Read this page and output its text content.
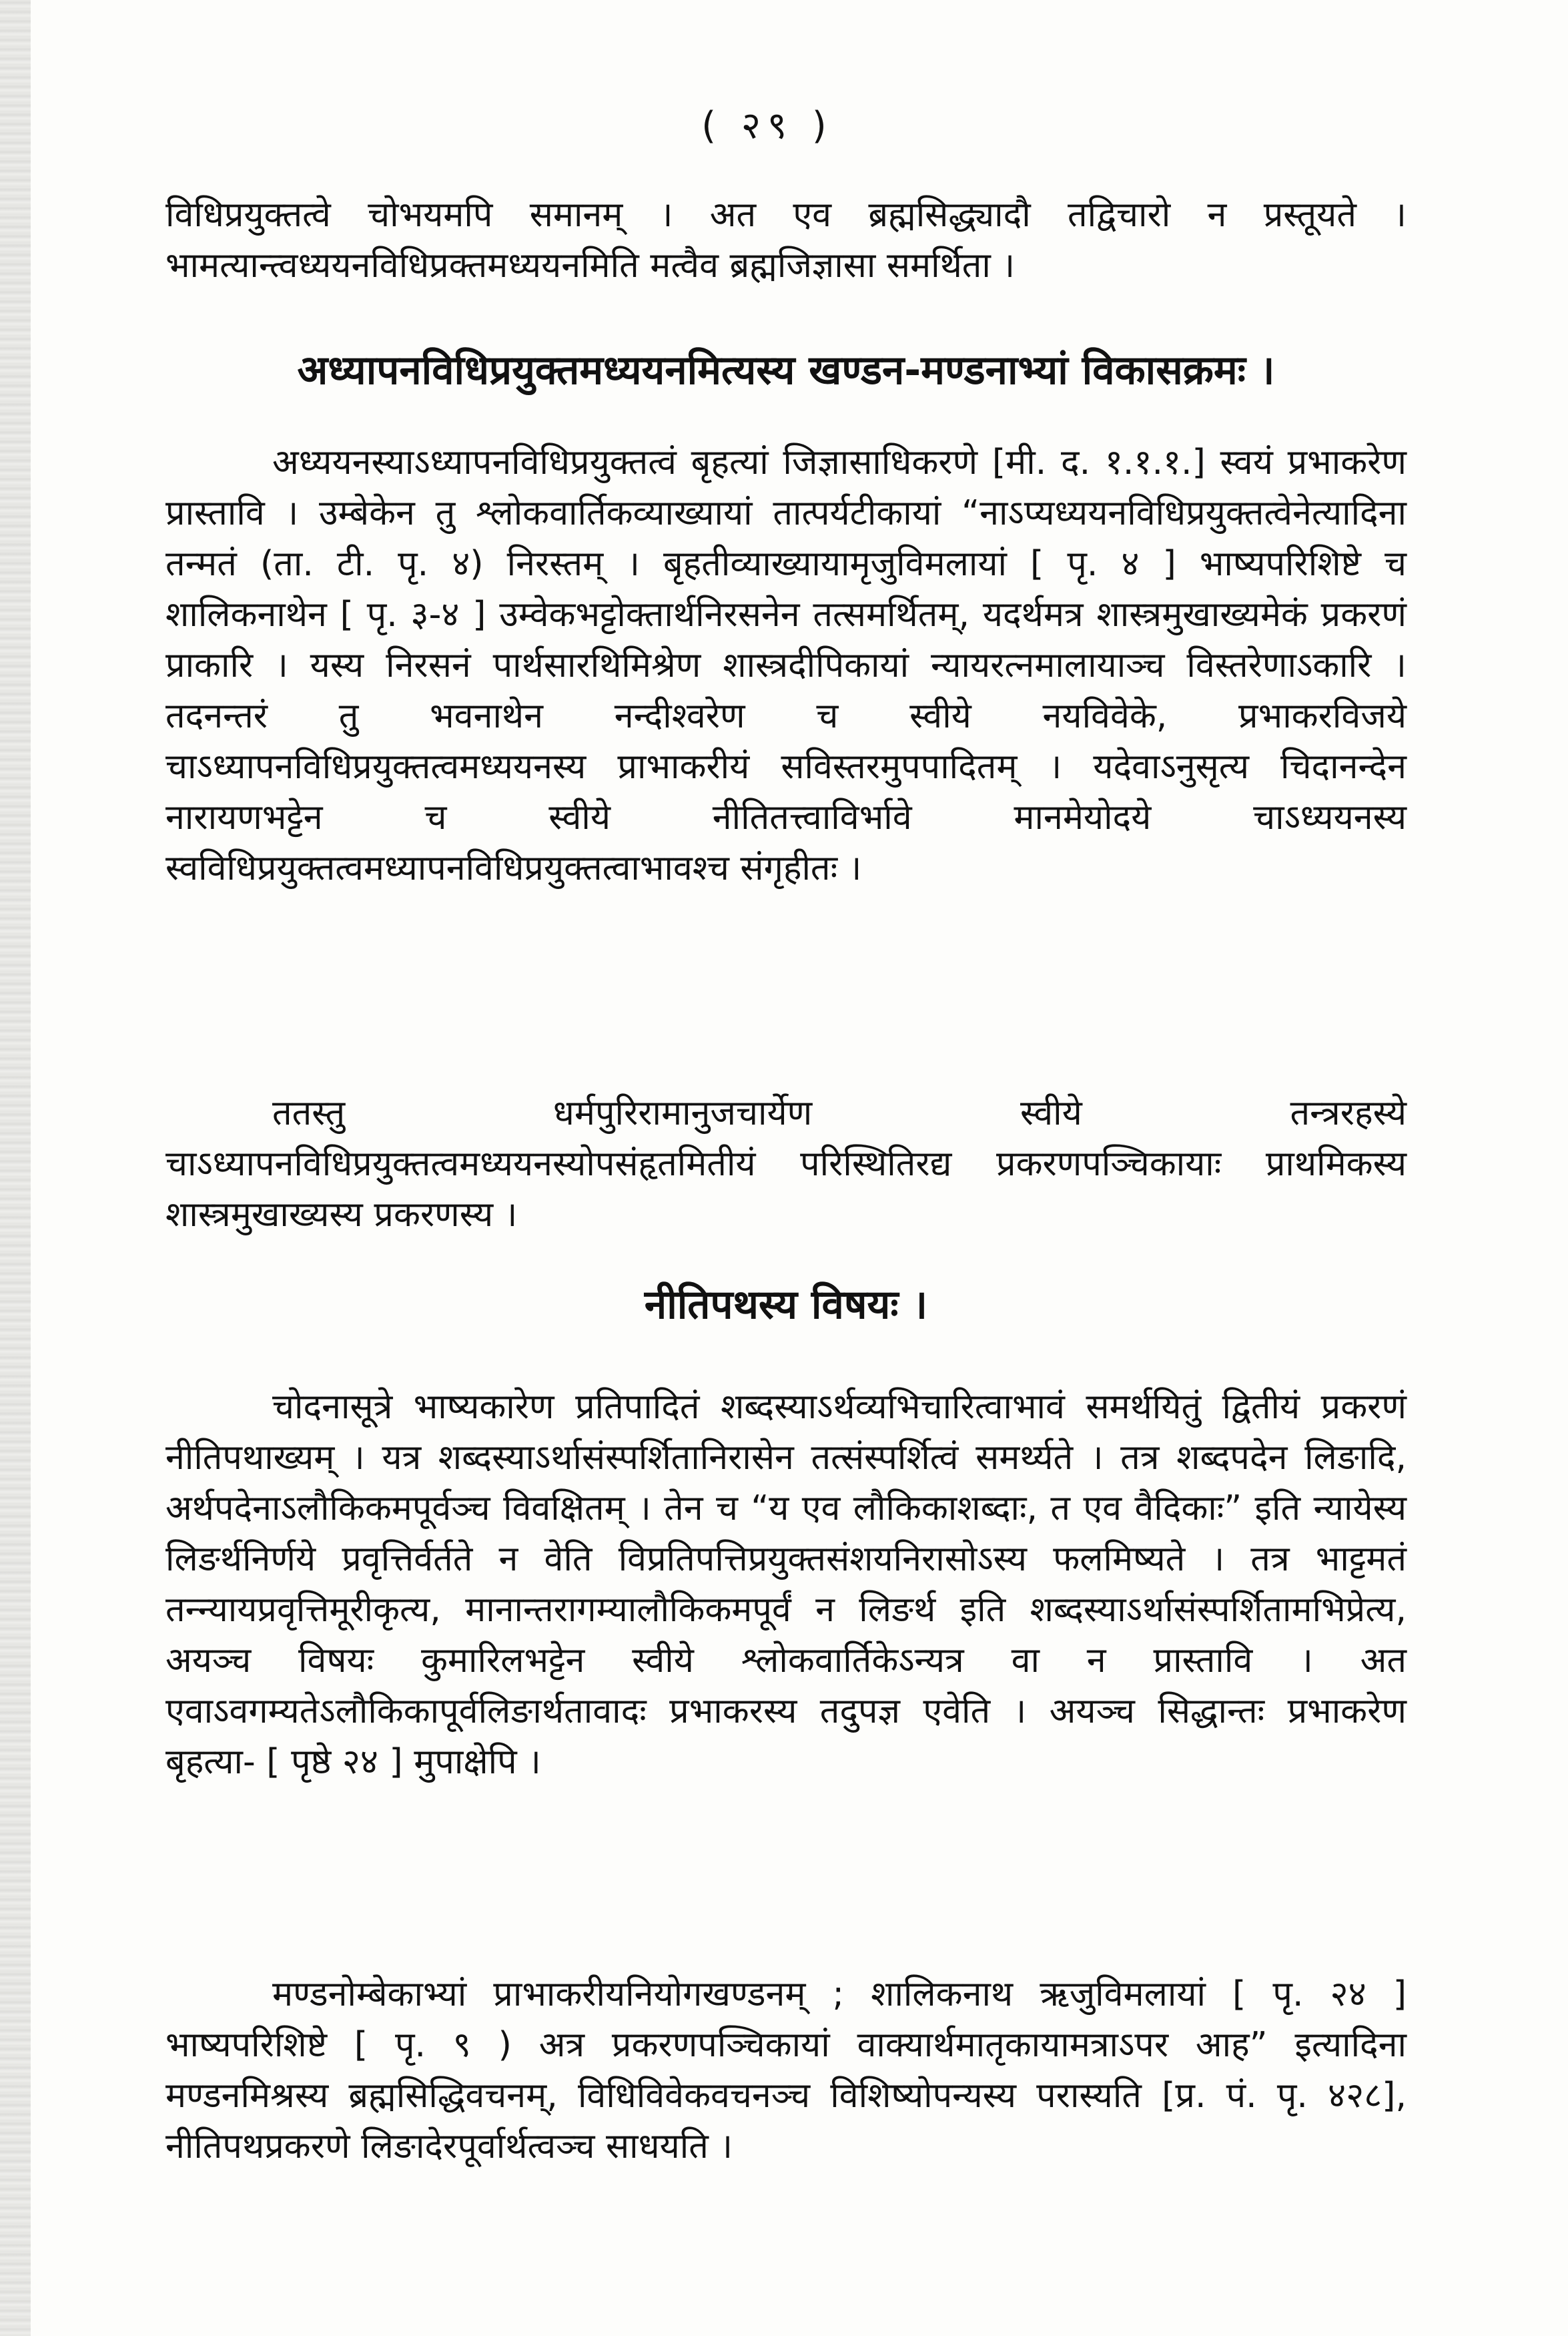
( २९ )

विधिप्रयुक्तत्वे चोभयमपि समानम् । अत एव ब्रह्मसिद्ध्यादौ तद्विचारो न प्रस्तूयते । भामत्यान्त्वध्ययनविधिप्रक्तमध्ययनमिति मत्वैव ब्रह्मजिज्ञासा समर्थिता ।

अध्यापनविधिप्रयुक्तमध्ययनमित्यस्य खण्डन-मण्डनाभ्यां विकासक्रमः ।

अध्ययनस्याऽध्यापनविधिप्रयुक्तत्वं बृहत्यां जिज्ञासाधिकरणे [मी. द. १.१.१.] स्वयं प्रभाकरेण प्रास्तावि । उम्बेकेन तु श्लोकवार्तिकव्याख्यायां तात्पर्यटीकायां “नाऽप्यध्ययनविधिप्रयुक्तत्वेनेत्यादिना तन्मतं (ता. टी. पृ. ४) निरस्तम् । बृहतीव्याख्यायामृजुविमलायां [ पृ. ४ ] भाष्यपरिशिष्टे च शालिकनाथेन [ पृ. ३-४ ] उम्वेकभट्टोक्तार्थनिरसनेन तत्समर्थितम्, यदर्थमत्र शास्त्रमुखाख्यमेकं प्रकरणं प्राकारि । यस्य निरसनं पार्थसारथिमिश्रेण शास्त्रदीपिकायां न्यायरत्नमालायाञ्च विस्तरेणाऽकारि । तदनन्तरं तु भवनाथेन नन्दीश्वरेण च स्वीये नयविवेके, प्रभाकरविजये चाऽध्यापनविधिप्रयुक्तत्वमध्ययनस्य प्राभाकरीयं सविस्तरमुपपादितम् । यदेवाऽनुसृत्य चिदानन्देन नारायणभट्टेन च स्वीये नीतितत्त्वाविर्भावे मानमेयोदये चाऽध्ययनस्य स्वविधिप्रयुक्तत्वमध्यापनविधिप्रयुक्तत्वाभावश्च संगृहीतः ।

ततस्तु धर्मपुरिरामानुजचार्येण स्वीये तन्त्ररहस्ये चाऽध्यापनविधिप्रयुक्तत्वमध्ययनस्योपसंहृतमितीयं परिस्थितिरद्य प्रकरणपञ्चिकायाः प्राथमिकस्य शास्त्रमुखाख्यस्य प्रकरणस्य ।

नीतिपथस्य विषयः ।

चोदनासूत्रे भाष्यकारेण प्रतिपादितं शब्दस्याऽर्थव्यभिचारित्वाभावं समर्थयितुं द्वितीयं प्रकरणं नीतिपथाख्यम् । यत्र शब्दस्याऽर्थासंस्पर्शितानिरासेन तत्संस्पर्शित्वं समर्थ्यते । तत्र शब्दपदेन लिङादि, अर्थपदेनाऽलौकिकमपूर्वञ्च विवक्षितम् । तेन च “य एव लौकिकाशब्दाः, त एव वैदिकाः” इति न्यायेस्य लिङर्थनिर्णये प्रवृत्तिर्वर्तते न वेति विप्रतिपत्तिप्रयुक्तसंशयनिरासोऽस्य फलमिष्यते । तत्र भाट्टमतं तन्न्यायप्रवृत्तिमूरीकृत्य, मानान्तरागम्यालौकिकमपूर्वं न लिङर्थ इति शब्दस्याऽर्थासंस्पर्शितामभिप्रेत्य, अयञ्च विषयः कुमारिलभट्टेन स्वीये श्लोकवार्तिकेऽन्यत्र वा न प्रास्तावि । अत एवाऽवगम्यतेऽलौकिकापूर्वलिङार्थतावादः प्रभाकरस्य तदुपज्ञ एवेति । अयञ्च सिद्धान्तः प्रभाकरेण बृहत्या- [ पृष्ठे २४ ] मुपाक्षेपि ।

मण्डनोम्बेकाभ्यां प्राभाकरीयनियोगखण्डनम् ; शालिकनाथ ऋजुविमलायां [ पृ. २४ ] भाष्यपरिशिष्टे [ पृ. ९ ) अत्र प्रकरणपञ्चिकायां वाक्यार्थमातृकायामत्राऽपर आह” इत्यादिना मण्डनमिश्रस्य ब्रह्मसिद्धिवचनम्, विधिविवेकवचनञ्च विशिष्योपन्यस्य परास्यति [प्र. पं. पृ. ४२८], नीतिपथप्रकरणे लिङादेरपूर्वार्थत्वञ्च साधयति ।
